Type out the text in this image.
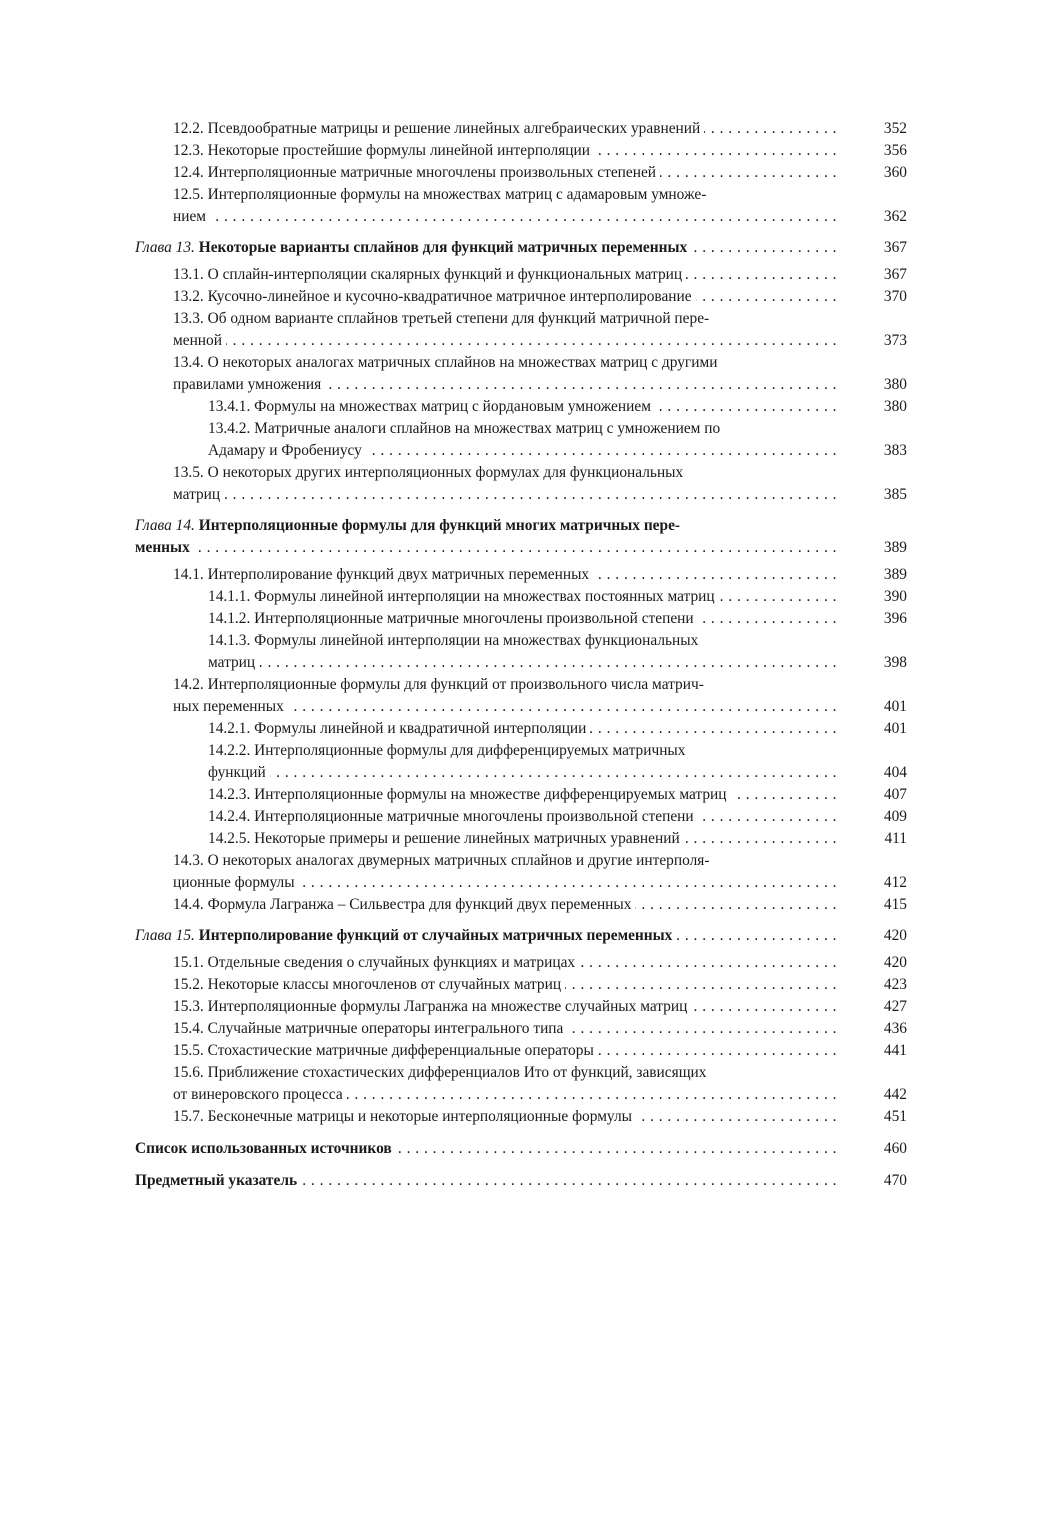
12.2. Псевдообратные матрицы и решение линейных алгебраических уравнений . . .	352
12.3. Некоторые простейшие формулы линейной интерполяции . . .	356
12.4. Интерполяционные матричные многочлены произвольных степеней . . .	360
12.5. Интерполяционные формулы на множествах матриц с адамаровым умноже-
нием . . .	362
Глава 13. Некоторые варианты сплайнов для функций матричных переменных . . .	367
13.1. О сплайн-интерполяции скалярных функций и функциональных матриц . . .	367
13.2. Кусочно-линейное и кусочно-квадратичное матричное интерполирование . . .	370
13.3. Об одном варианте сплайнов третьей степени для функций матричной пере-
менной . . .	373
13.4. О некоторых аналогах матричных сплайнов на множествах матриц с другими
правилами умножения . . .	380
13.4.1. Формулы на множествах матриц с йордановым умножением . . .	380
13.4.2. Матричные аналоги сплайнов на множествах матриц с умножением по
Адамару и Фробениусу . . .	383
13.5. О некоторых других интерполяционных формулах для функциональных
матриц . . .	385
Глава 14. Интерполяционные формулы для функций многих матричных пере-
менных . . .	389
14.1. Интерполирование функций двух матричных переменных . . .	389
14.1.1. Формулы линейной интерполяции на множествах постоянных матриц . . .	390
14.1.2. Интерполяционные матричные многочлены произвольной степени . . .	396
14.1.3. Формулы линейной интерполяции на множествах функциональных
матриц . . .	398
14.2. Интерполяционные формулы для функций от произвольного числа матрич-
ных переменных . . .	401
14.2.1. Формулы линейной и квадратичной интерполяции . . .	401
14.2.2. Интерполяционные формулы для дифференцируемых матричных
функций . . .	404
14.2.3. Интерполяционные формулы на множестве дифференцируемых матриц . . .	407
14.2.4. Интерполяционные матричные многочлены произвольной степени . . .	409
14.2.5. Некоторые примеры и решение линейных матричных уравнений . . .	411
14.3. О некоторых аналогах двумерных матричных сплайнов и другие интерполя-
ционные формулы . . .	412
14.4. Формула Лагранжа – Сильвестра для функций двух переменных . . .	415
Глава 15. Интерполирование функций от случайных матричных переменных . . .	420
15.1. Отдельные сведения о случайных функциях и матрицах . . .	420
15.2. Некоторые классы многочленов от случайных матриц . . .	423
15.3. Интерполяционные формулы Лагранжа на множестве случайных матриц . . .	427
15.4. Случайные матричные операторы интегрального типа . . .	436
15.5. Стохастические матричные дифференциальные операторы . . .	441
15.6. Приближение стохастических дифференциалов Ито от функций, зависящих
от винеровского процесса . . .	442
15.7. Бесконечные матрицы и некоторые интерполяционные формулы . . .	451
Список использованных источников . . .	460
Предметный указатель . . .	470
